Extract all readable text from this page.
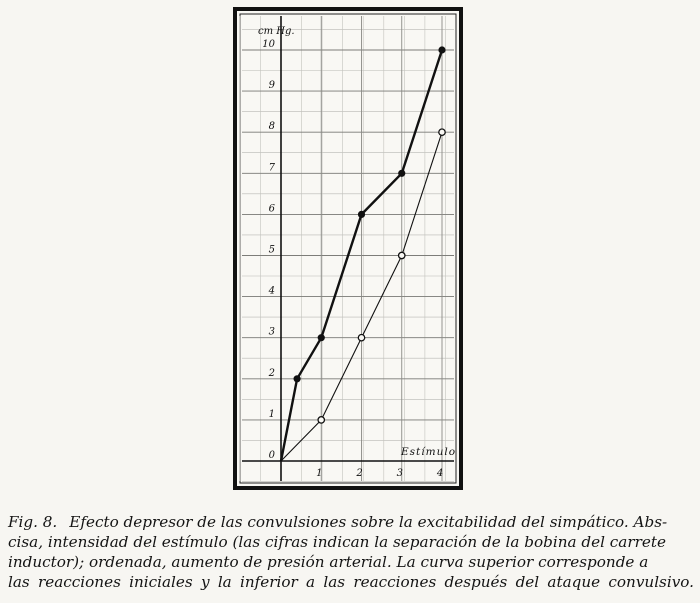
0
1
2
3
4
5
6
7
8
9
10
1	2	3	4
cm Hg.
Estímulo
Fig. 8. Efecto depresor de las convulsiones sobre la excitabilidad del simpático. Abs-
cisa, intensidad del estímulo (las cifras indican la separación de la bobina del carrete
inductor); ordenada, aumento de presión arterial. La curva superior corresponde a
las reacciones iniciales y la inferior a las reacciones después del ataque convulsivo.
